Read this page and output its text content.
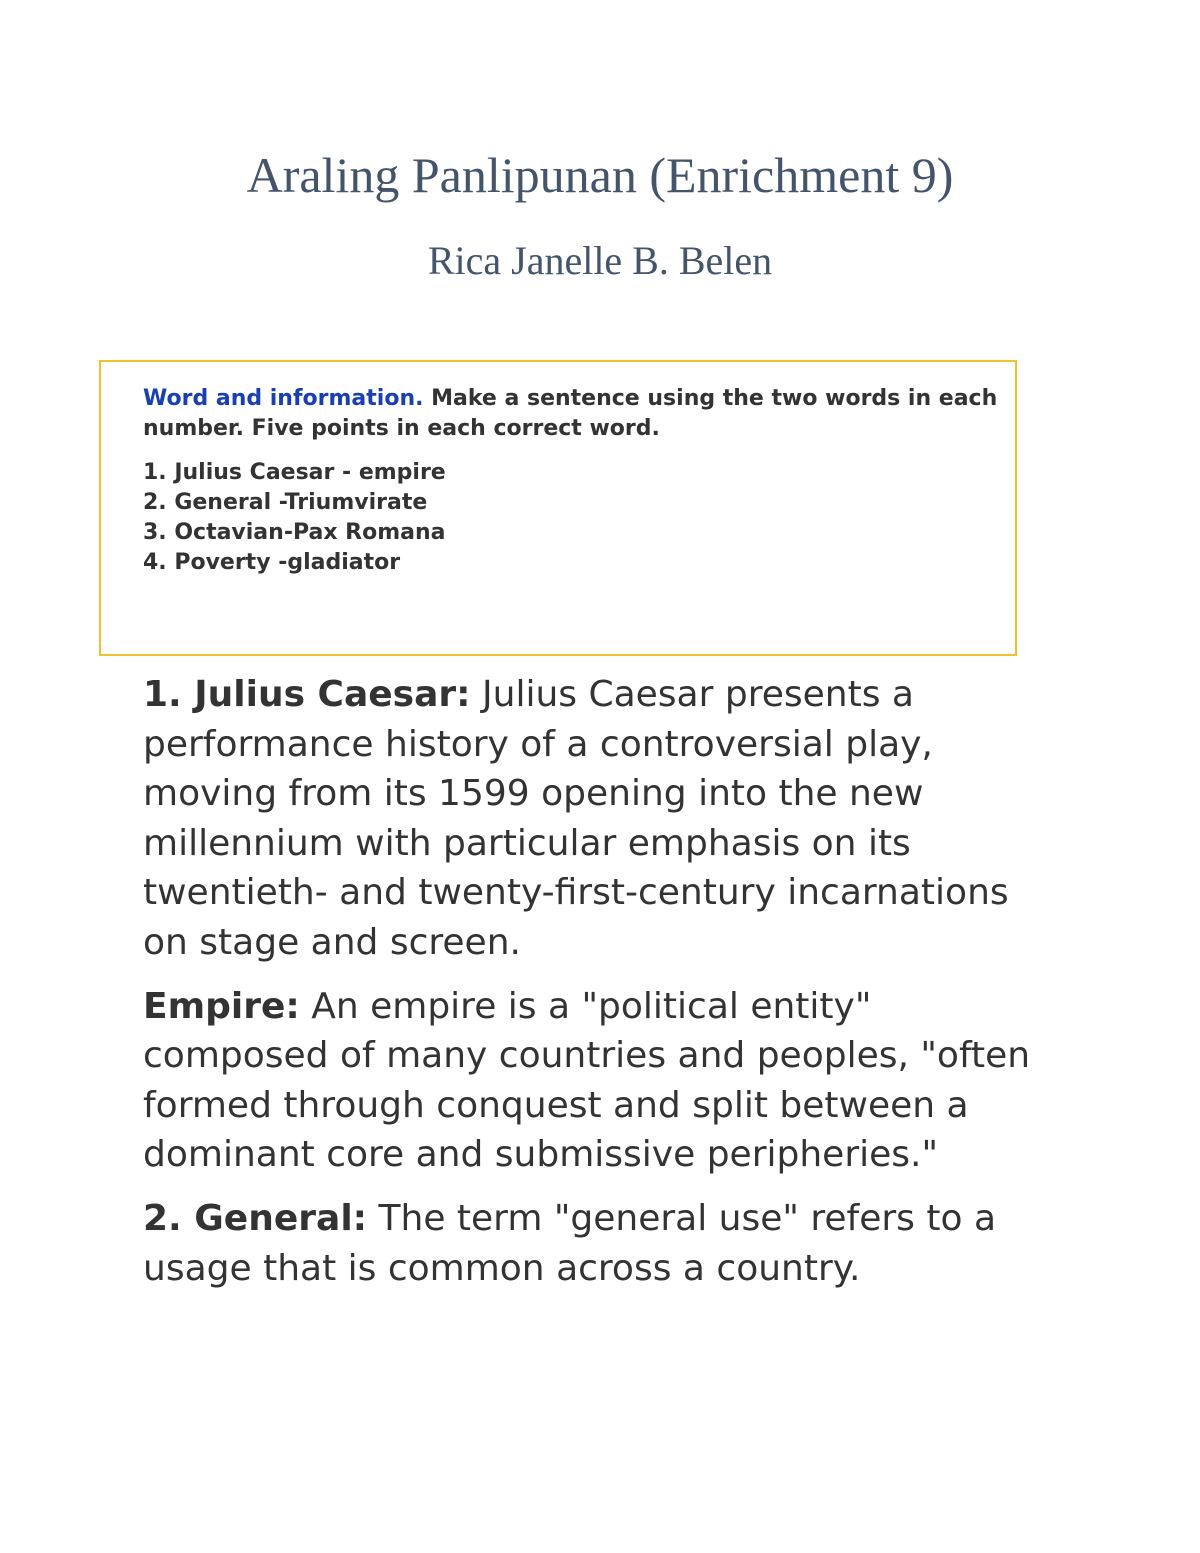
Araling Panlipunan (Enrichment 9)
Rica Janelle B. Belen
Word and information. Make a sentence using the two words in each
number. Five points in each correct word.
1. Julius Caesar - empire
2. General -Triumvirate
3. Octavian-Pax Romana
4. Poverty -gladiator

1. Julius Caesar: Julius Caesar presents a performance history of a controversial play, moving from its 1599 opening into the new millennium with particular emphasis on its twentieth- and twenty-first-century incarnations on stage and screen.

Empire: An empire is a "political entity" composed of many countries and peoples, "often formed through conquest and split between a dominant core and submissive peripheries."

2. General: The term "general use" refers to a usage that is common across a country.
